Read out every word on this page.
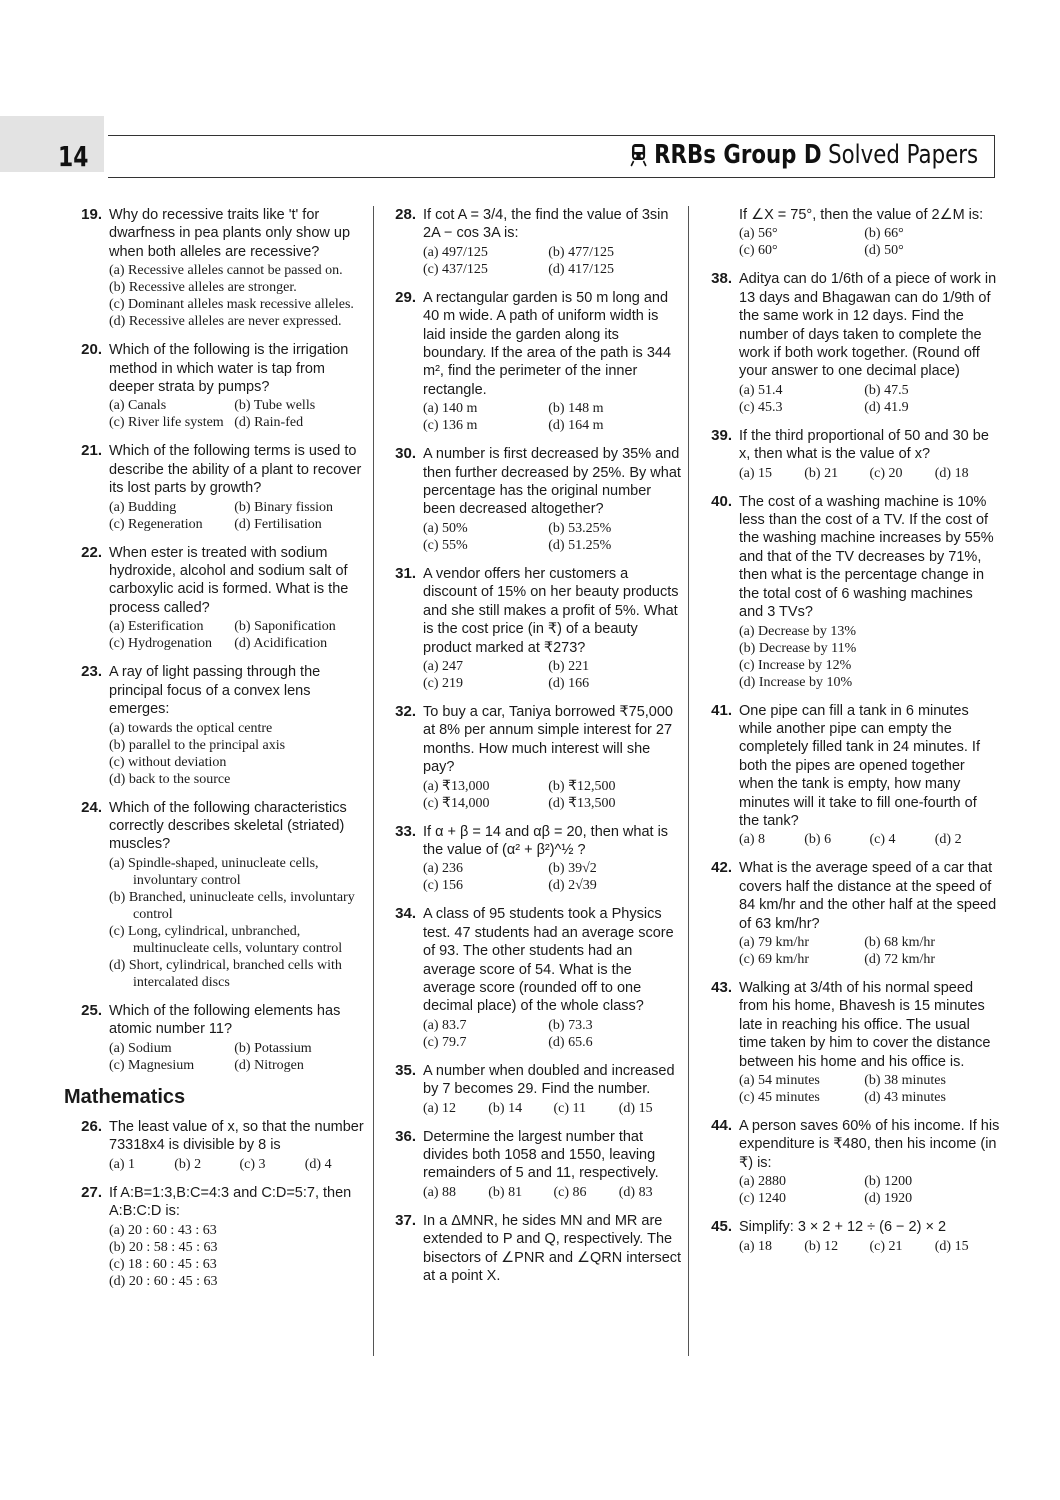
14	RRBs Group D Solved Papers
19. Why do recessive traits like 't' for dwarfness in pea plants only show up when both alleles are recessive?
(a) Recessive alleles cannot be passed on.
(b) Recessive alleles are stronger.
(c) Dominant alleles mask recessive alleles.
(d) Recessive alleles are never expressed.
20. Which of the following is the irrigation method in which water is tap from deeper strata by pumps?
(a) Canals	(b) Tube wells
(c) River life system (d) Rain-fed
21. Which of the following terms is used to describe the ability of a plant to recover its lost parts by growth?
(a) Budding	(b) Binary fission
(c) Regeneration	(d) Fertilisation
22. When ester is treated with sodium hydroxide, alcohol and sodium salt of carboxylic acid is formed. What is the process called?
(a) Esterification	(b) Saponification
(c) Hydrogenation	(d) Acidification
23. A ray of light passing through the principal focus of a convex lens emerges:
(a) towards the optical centre
(b) parallel to the principal axis
(c) without deviation
(d) back to the source
24. Which of the following characteristics correctly describes skeletal (striated) muscles?
(a) Spindle-shaped, uninucleate cells, involuntary control
(b) Branched, uninucleate cells, involuntary control
(c) Long, cylindrical, unbranched, multinucleate cells, voluntary control
(d) Short, cylindrical, branched cells with intercalated discs
25. Which of the following elements has atomic number 11?
(a) Sodium	(b) Potassium
(c) Magnesium	(d) Nitrogen
Mathematics
26. The least value of x, so that the number 73318x4 is divisible by 8 is
(a) 1	(b) 2	(c) 3	(d) 4
27. If A:B=1:3,B:C=4:3 and C:D=5:7, then A:B:C:D is:
(a) 20 : 60 : 43 : 63
(b) 20 : 58 : 45 : 63
(c) 18 : 60 : 45 : 63
(d) 20 : 60 : 45 : 63
28. If cot A = 3/4, the find the value of 3sin 2A − cos 3A is:
(a) 497/125	(b) 477/125
(c) 437/125	(d) 417/125
29. A rectangular garden is 50 m long and 40 m wide. A path of uniform width is laid inside the garden along its boundary. If the area of the path is 344 m², find the perimeter of the inner rectangle.
(a) 140 m	(b) 148 m
(c) 136 m	(d) 164 m
30. A number is first decreased by 35% and then further decreased by 25%. By what percentage has the original number been decreased altogether?
(a) 50%	(b) 53.25%
(c) 55%	(d) 51.25%
31. A vendor offers her customers a discount of 15% on her beauty products and she still makes a profit of 5%. What is the cost price (in ₹) of a beauty product marked at ₹273?
(a) 247	(b) 221
(c) 219	(d) 166
32. To buy a car, Taniya borrowed ₹75,000 at 8% per annum simple interest for 27 months. How much interest will she pay?
(a) ₹13,000	(b) ₹12,500
(c) ₹14,000	(d) ₹13,500
33. If α + β = 14 and αβ = 20, then what is the value of (α² + β²)^½ ?
(a) 236	(b) 39√2
(c) 156	(d) 2√39
34. A class of 95 students took a Physics test. 47 students had an average score of 93. The other students had an average score of 54. What is the average score (rounded off to one decimal place) of the whole class?
(a) 83.7	(b) 73.3
(c) 79.7	(d) 65.6
35. A number when doubled and increased by 7 becomes 29. Find the number.
(a) 12	(b) 14	(c) 11	(d) 15
36. Determine the largest number that divides both 1058 and 1550, leaving remainders of 5 and 11, respectively.
(a) 88	(b) 81	(c) 86	(d) 83
37. In a ΔMNR, he sides MN and MR are extended to P and Q, respectively. The bisectors of ∠PNR and ∠QRN intersect at a point X.
If ∠X = 75°, then the value of 2∠M is:
(a) 56°	(b) 66°
(c) 60°	(d) 50°
38. Aditya can do 1/6th of a piece of work in 13 days and Bhagawan can do 1/9th of the same work in 12 days. Find the number of days taken to complete the work if both work together. (Round off your answer to one decimal place)
(a) 51.4	(b) 47.5
(c) 45.3	(d) 41.9
39. If the third proportional of 50 and 30 be x, then what is the value of x?
(a) 15	(b) 21	(c) 20	(d) 18
40. The cost of a washing machine is 10% less than the cost of a TV. If the cost of the washing machine increases by 55% and that of the TV decreases by 71%, then what is the percentage change in the total cost of 6 washing machines and 3 TVs?
(a) Decrease by 13%
(b) Decrease by 11%
(c) Increase by 12%
(d) Increase by 10%
41. One pipe can fill a tank in 6 minutes while another pipe can empty the completely filled tank in 24 minutes. If both the pipes are opened together when the tank is empty, how many minutes will it take to fill one-fourth of the tank?
(a) 8	(b) 6	(c) 4	(d) 2
42. What is the average speed of a car that covers half the distance at the speed of 84 km/hr and the other half at the speed of 63 km/hr?
(a) 79 km/hr	(b) 68 km/hr
(c) 69 km/hr	(d) 72 km/hr
43. Walking at 3/4th of his normal speed from his home, Bhavesh is 15 minutes late in reaching his office. The usual time taken by him to cover the distance between his home and his office is.
(a) 54 minutes	(b) 38 minutes
(c) 45 minutes	(d) 43 minutes
44. A person saves 60% of his income. If his expenditure is ₹480, then his income (in ₹) is:
(a) 2880	(b) 1200
(c) 1240	(d) 1920
45. Simplify: 3 × 2 + 12 ÷ (6 − 2) × 2
(a) 18	(b) 12	(c) 21	(d) 15
